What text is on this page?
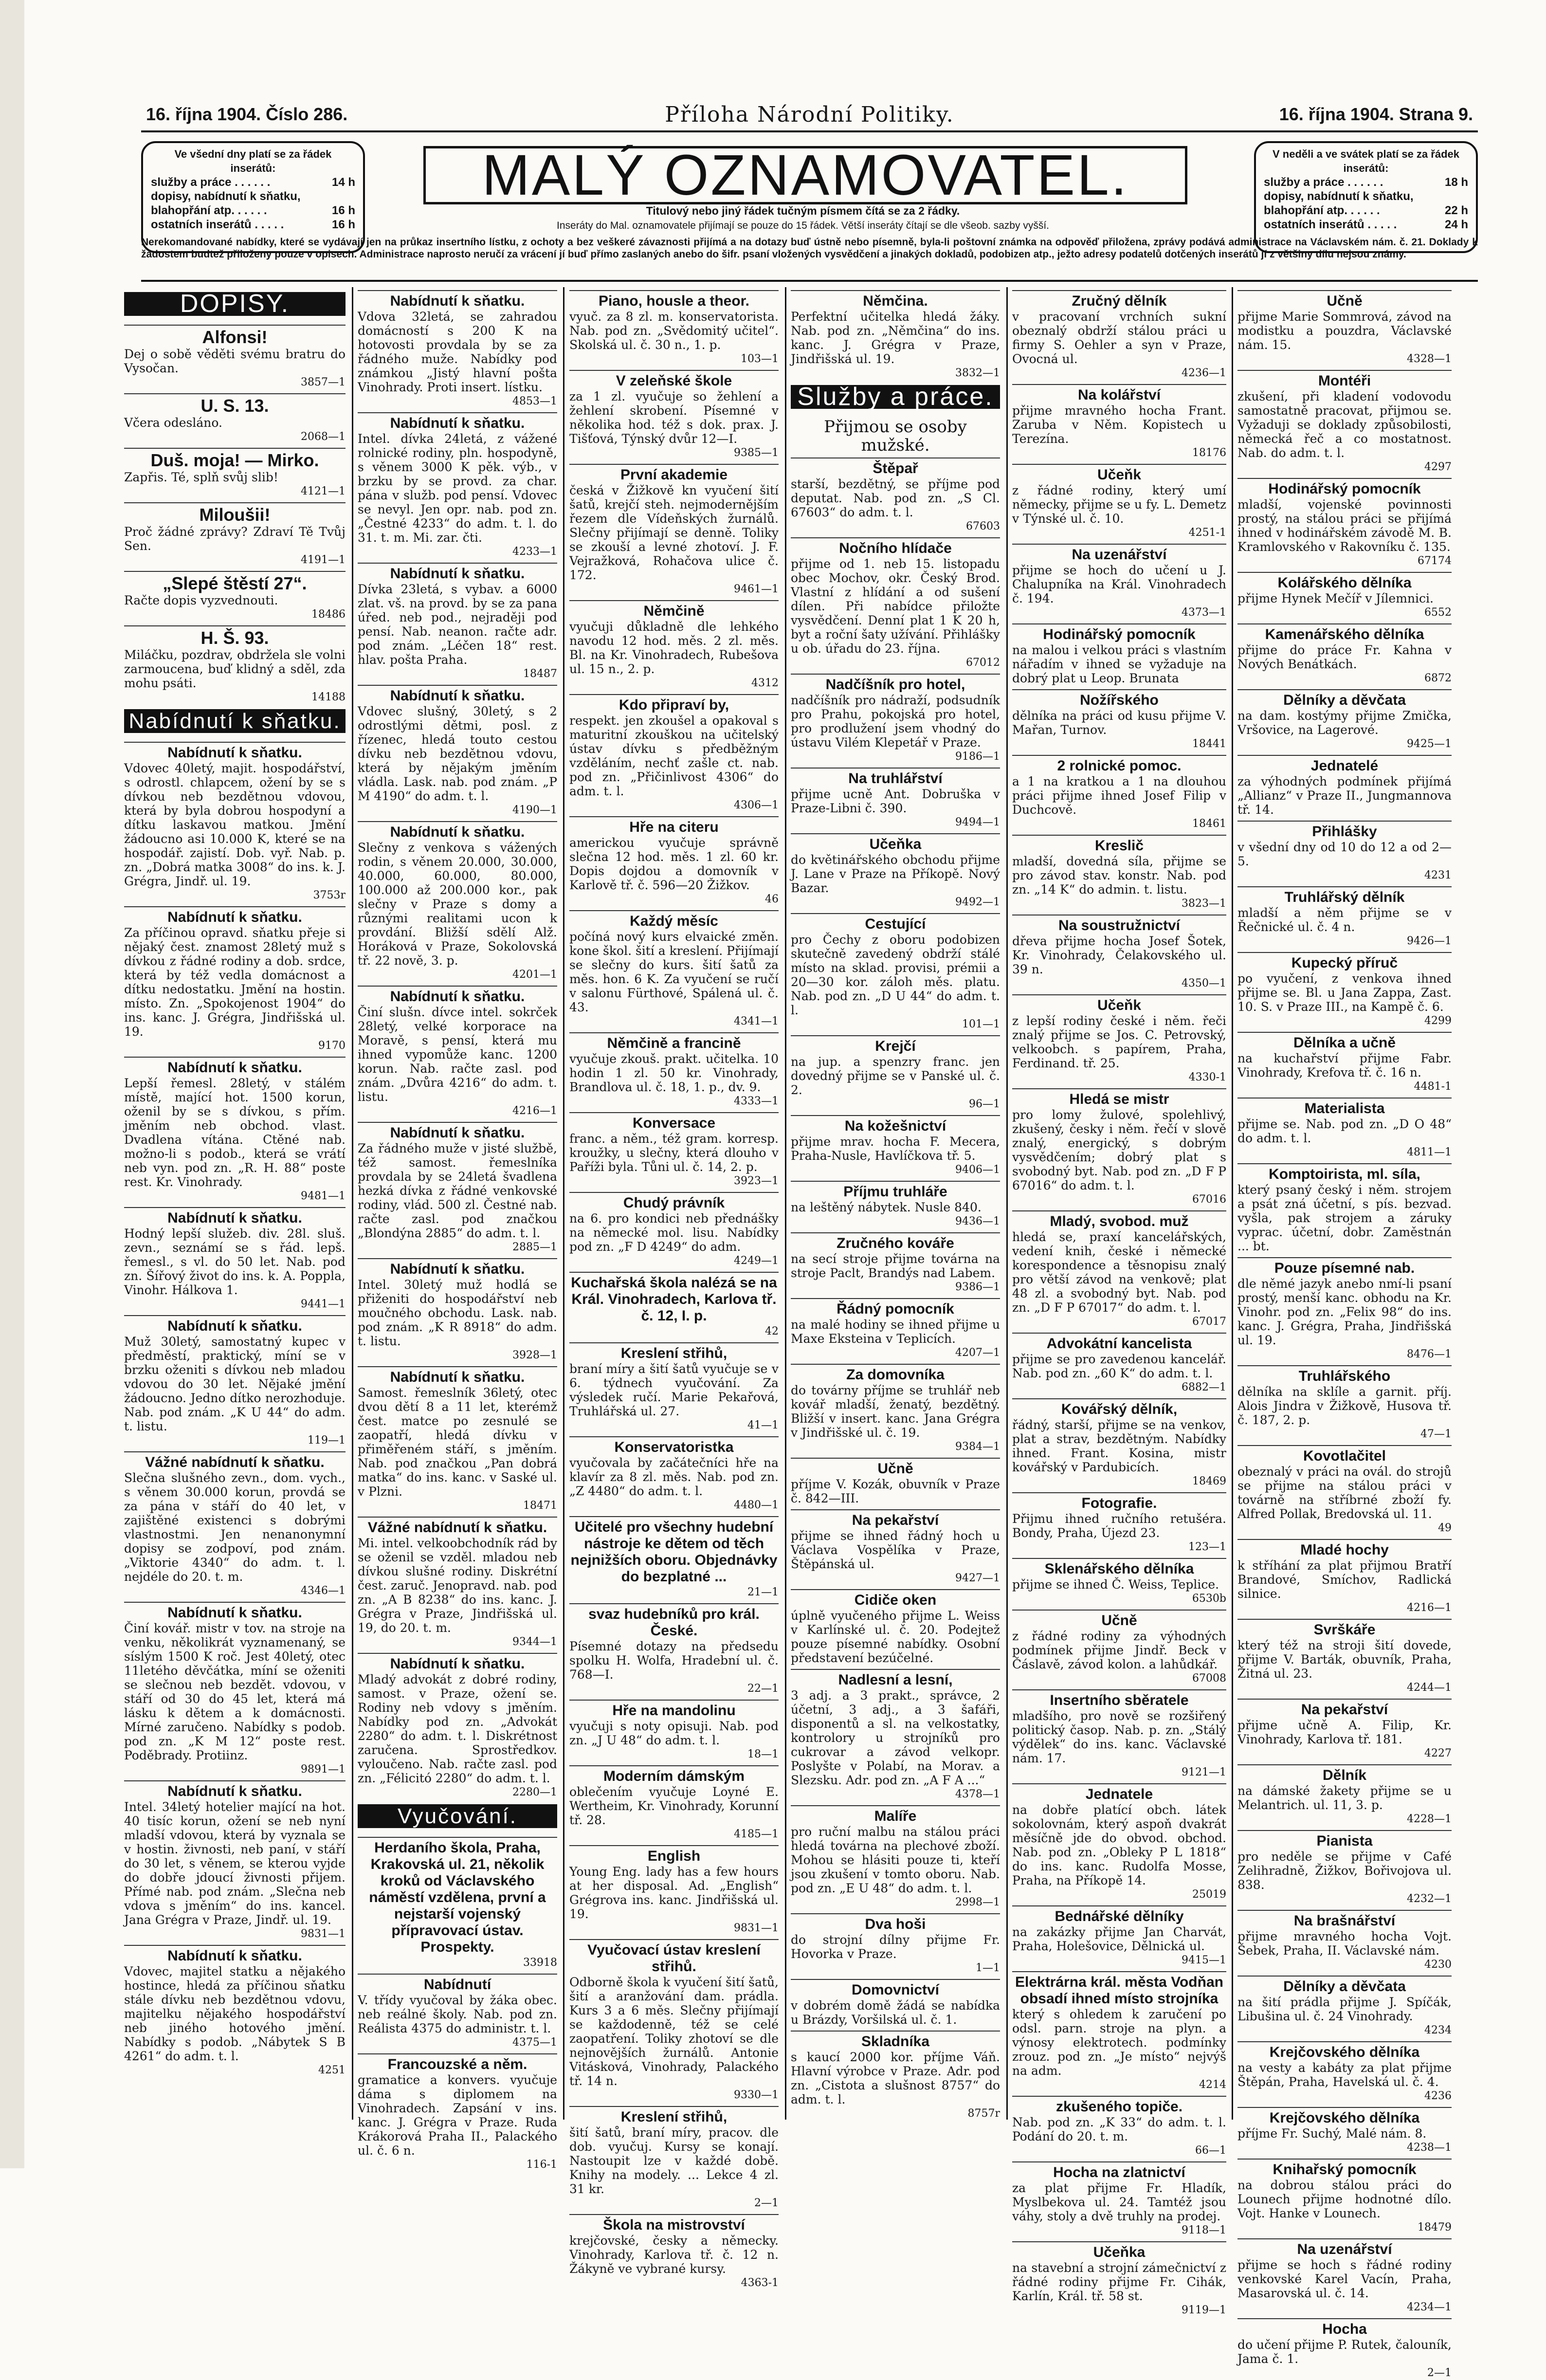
16. října 1904. Číslo 286.	Příloha Národní Politiky.	16. října 1904. Strana 9.
Ve všední dny platí se za řádek inserátů:
služby a práce . . . . . .	14 h
dopisy, nabídnutí k sňatku,
blahopřání atp. . . . . .	16 h
ostatních inserátů . . . . .	16 h
MALÝ OZNAMOVATEL.
Titulový nebo jiný řádek tučným písmem čítá se za 2 řádky.
Inseráty do Mal. oznamovatele přijímají se pouze do 15 řádek. Větší inseráty čítají se dle všeob. sazby vyšší.
V neděli a ve svátek platí se za řádek inserátů:
služby a práce . . . . . .	18 h
dopisy, nabídnutí k sňatku,
blahopřání atp. . . . . .	22 h
ostatních inserátů . . . . .	24 h
Nerekomandované nabídky, které se vydávají jen na průkaz insertního lístku, z ochoty a bez veškeré závaznosti přijímá a na dotazy buď ústně nebo písemně, byla-li poštovní známka na odpověď přiložena, zprávy podává administrace na Václavském nám. č. 21. Doklady k žádostem budtež přiloženy pouze v opisech. Administrace naprosto neručí za vrácení jí buď přímo zaslaných anebo do šifr. psaní vložených vysvědčení a jinakých dokladů, podobizen atp., ježto adresy podatelů dotčených inserátů jí z většiny dílu nejsou známy.
DOPISY.
Alfonsi!

Dej o sobě věděti svému bratru do Vysočan.

3857—1
U. S. 13.

Včera odesláno.

2068—1
Duš. moja! — Mirko.

Zapřis. Té, splň svůj slib!

4121—1
Miloušii!

Proč žádné zprávy? Zdraví Tě Tvůj Sen.

4191—1
„Slepé štěstí 27“.

Račte dopis vyzvednouti.

18486
H. Š. 93.

Miláčku, pozdrav, obdržela sle volni zarmoucena, buď klidný a sděl, zda mohu psáti.

14188
Nabídnutí k sňatku.
Nabídnutí k sňatku.

Vdovec 40letý, majit. hospodářství, s odrostl. chlapcem, ožení by se s dívkou neb bezdětnou vdovou, která by byla dobrou hospodyní a dítku laskavou matkou. Jmění žádoucno asi 10.000 K, které se na hospodář. zajistí. Dob. vyř. Nab. p. zn. „Dobrá matka 3008“ do ins. k. J. Grégra, Jindř. ul. 19.

3753r
Nabídnutí k sňatku.

Za příčinou opravd. sňatku přeje si nějaký čest. znamost 28letý muž s dívkou z řádné rodiny a dob. srdce, která by též vedla domácnost a dítku nedostatku. Jmění na hostin. místo. Zn. „Spokojenost 1904“ do ins. kanc. J. Grégra, Jindřišská ul. 19.

9170
Nabídnutí k sňatku.

Lepší řemesl. 28letý, v stálém místě, mající hot. 1500 korun, oženil by se s dívkou, s přím. jměním neb obchod. vlast. Dvadlena vítána. Ctěné nab. možno-li s podob., která se vrátí neb vyn. pod zn. „R. H. 88“ poste rest. Kr. Vinohrady.

9481—1
Nabídnutí k sňatku.

Hodný lepší služeb. div. 28l. sluš. zevn., seznámí se s řád. lepš. řemesl., s vl. do 50 let. Nab. pod zn. Šířový život do ins. k. A. Poppla, Vinohr. Hálkova 1.

9441—1
Nabídnutí k sňatku.

Muž 30letý, samostatný kupec v předměstí, praktický, míní se v brzku oženiti s dívkou neb mladou vdovou do 30 let. Nějaké jmění žádoucno. Jedno dítko nerozhoduje. Nab. pod znám. „K U 44“ do adm. t. listu.

119—1
Vážné nabídnutí k sňatku.

Slečna slušného zevn., dom. vych., s věnem 30.000 korun, provdá se za pána v stáří do 40 let, v zajištěné existenci s dobrými vlastnostmi. Jen nenanonymní dopisy se zodpoví, pod znám. „Viktorie 4340“ do adm. t. l. nejdéle do 20. t. m.

4346—1
Nabídnutí k sňatku.

Činí kovář. mistr v tov. na stroje na venku, několikrát vyznamenaný, se síslým 1500 K roč. Jest 40letý, otec 11letého děvčátka, míní se oženiti se slečnou neb bezdět. vdovou, v stáří od 30 do 45 let, která má lásku k dětem a k domácnosti. Mírné zaručeno. Nabídky s podob. pod zn. „K M 12“ poste rest. Poděbrady. Protiinz.

9891—1
Nabídnutí k sňatku.

Intel. 34letý hotelier mající na hot. 40 tisíc korun, ožení se neb nyní mladší vdovou, která by vyznala se v hostin. živnosti, neb paní, v stáří do 30 let, s věnem, se kterou vyjde do dobře jdoucí živnosti přijem. Přímé nab. pod znám. „Slečna neb vdova s jměním“ do ins. kancel. Jana Grégra v Praze, Jindř. ul. 19.

9831—1
Nabídnutí k sňatku.

Vdovec, majitel statku a nějakého hostince, hledá za příčinou sňatku stále dívku neb bezdětnou vdovu, majitelku nějakého hospodářství neb jiného hotového jmění. Nabídky s podob. „Nábytek S B 4261“ do adm. t. l.

4251
Nabídnutí k sňatku.

Vdova 32letá, se zahradou domácností s 200 K na hotovosti provdala by se za řádného muže. Nabídky pod známkou „Jistý hlavní pošta Vinohrady. Proti insert. lístku.

4853—1
Nabídnutí k sňatku.

Intel. dívka 24letá, z vážené rolnické rodiny, pln. hospodyně, s věnem 3000 K pěk. výb., v brzku by se provd. za char. pána v služb. pod pensí. Vdovec se nevyl. Jen opr. nab. pod zn. „Čestné 4233“ do adm. t. l. do 31. t. m. Mi. zar. čti.

4233—1
Nabídnutí k sňatku.

Dívka 23letá, s vybav. a 6000 zlat. vš. na provd. by se za pana úřed. neb pod., nejraději pod pensí. Nab. neanon. račte adr. pod znám. „Léčen 18“ rest. hlav. pošta Praha.

18487
Nabídnutí k sňatku.

Vdovec slušný, 30letý, s 2 odrostlými dětmi, posl. z řízenec, hledá touto cestou dívku neb bezdětnou vdovu, která by nějakým jměním vládla. Lask. nab. pod znám. „P M 4190“ do adm. t. l.

4190—1
Nabídnutí k sňatku.

Slečny z venkova s vážených rodin, s věnem 20.000, 30.000, 40.000, 60.000, 80.000, 100.000 až 200.000 kor., pak slečny v Praze s domy a různými realitami ucon k provdání. Bližší sdělí Alž. Horáková v Praze, Sokolovská tř. 22 nově, 3. p.

4201—1
Nabídnutí k sňatku.

Činí slušn. dívce intel. sokrček 28letý, velké korporace na Moravě, s pensí, která mu ihned vypomůže kanc. 1200 korun. Nab. račte zasl. pod znám. „Dvůra 4216“ do adm. t. listu.

4216—1
Nabídnutí k sňatku.

Za řádného muže v jisté službě, též samost. řemeslníka provdala by se 24letá švadlena hezká dívka z řádné venkovské rodiny, vlád. 500 zl. Čestné nab. račte zasl. pod značkou „Blondýna 2885“ do adm. t. l.

2885—1
Nabídnutí k sňatku.

Intel. 30letý muž hodlá se přiženiti do hospodářství neb moučného obchodu. Lask. nab. pod znám. „K R 8918“ do adm. t. listu.

3928—1
Nabídnutí k sňatku.

Samost. řemeslník 36letý, otec dvou dětí 8 a 11 let, kterémž čest. matce po zesnulé se zaopatří, hledá dívku v přiměřeném stáří, s jměním. Nab. pod značkou „Pan dobrá matka“ do ins. kanc. v Saské ul. v Plzni.

18471
Vážné nabídnutí k sňatku.

Mi. intel. velkoobchodník rád by se oženil se vzděl. mladou neb dívkou slušné rodiny. Diskrétní čest. zaruč. Jenopravd. nab. pod zn. „A B 8238“ do ins. kanc. J. Grégra v Praze, Jindřišská ul. 19, do 20. t. m.

9344—1
Nabídnutí k sňatku.

Mladý advokát z dobré rodiny, samost. v Praze, ožení se. Rodiny neb vdovy s jměním. Nabídky pod zn. „Advokát 2280“ do adm. t. l. Diskrétnost zaručena. Sprostředkov. vyloučeno. Nab. račte zasl. pod zn. „Félicitó 2280“ do adm. t. l.

2280—1
Vyučování.
Herdaního škola, Praha, Krakovská ul. 21, několik kroků od Václavského náměstí vzdělena, první a nejstarší vojenský přípravovací ústav. Prospekty.
33918
Nabídnutí

V. třídy vyučoval by žáka obec. neb reálné školy. Nab. pod zn. Reálista 4375 do administr. t. l.

4375—1
Francouzské a něm.

gramatice a konvers. vyučuje dáma s diplomem na Vinohradech. Zapsání v ins. kanc. J. Grégra v Praze. Ruda Krákorová Praha II., Palackého ul. č. 6 n.

116-1
Piano, housle a theor.

vyuč. za 8 zl. m. konservatorista. Nab. pod zn. „Svědomitý učitel“. Skolská ul. č. 30 n., 1. p.

103—1
V zeleňské škole

za 1 zl. vyučuje so žehlení a žehlení skrobení. Písemné v několika hod. též s dok. prax. J. Tišťová, Týnský dvůr 12—I.

9385—1
První akademie

česká v Žižkově kn vyučení šití šatů, krejčí steh. nejmodernějším řezem dle Vídeňských žurnálů. Slečny přijímají se denně. Toliky se zkouší a levné zhotoví. J. F. Vejražková, Rohačova ulice č. 172.

9461—1
Němčině

vyučuji důkladně dle lehkého navodu 12 hod. měs. 2 zl. měs. Bl. na Kr. Vinohradech, Rubešova ul. 15 n., 2. p.

4312
Kdo připraví by,

respekt. jen zkoušel a opakoval s maturitní zkouškou na učitelský ústav dívku s předběžným vzděláním, nechť zašle ct. nab. pod zn. „Přičinlivost 4306“ do adm. t. l.

4306—1
Hře na citeru

americkou vyučuje správně slečna 12 hod. měs. 1 zl. 60 kr. Dopis dojdou a domovník v Karlově tř. č. 596—20 Žižkov.

46
Každý měsíc

počíná nový kurs elvaické změn. kone škol. šití a kreslení. Přijímají se slečny do kurs. šití šatů za měs. hon. 6 K. Za vyučení se ručí v salonu Fürthové, Spálená ul. č. 43.

4341—1
Němčině a francině

vyučuje zkouš. prakt. učitelka. 10 hodin 1 zl. 50 kr. Vinohrady, Brandlova ul. č. 18, 1. p., dv. 9.

4333—1
Konversace

franc. a něm., též gram. korresp. kroužky, u slečny, která dlouho v Paříži byla. Tůni ul. č. 14, 2. p.

3923—1
Chudý právník

na 6. pro kondici neb přednášky na německé mol. lisu. Nabídky pod zn. „F D 4249“ do adm.

4249—1
Kuchařská škola nalézá se na Král. Vinohradech, Karlova tř. č. 12, I. p.
42
Kreslení střihů,

braní míry a šití šatů vyučuje se v 6. týdnech vyučování. Za výsledek ručí. Marie Pekařová, Truhlářská ul. 27.

41—1
Konservatoristka

vyučovala by začátečníci hře na klavír za 8 zl. měs. Nab. pod zn. „Z 4480“ do adm. t. l.

4480—1
Učitelé pro všechny hudební nástroje ke dětem od těch nejnižších oboru. Objednávky do bezplatné ...
21—1
svaz hudebníků pro král. České.

Písemné dotazy na předsedu spolku H. Wolfa, Hradební ul. č. 768—I.

22—1
Hře na mandolinu

vyučuji s noty opisuji. Nab. pod zn. „J U 48“ do adm. t. l.

18—1
Moderním dámským

oblečením vyučuje Loyné E. Wertheim, Kr. Vinohrady, Korunní tř. 28.

4185—1
English

Young Eng. lady has a few hours at her disposal. Ad. „English“ Grégrova ins. kanc. Jindřišská ul. 19.

9831—1
Vyučovací ústav kreslení střihů.

Odborně škola k vyučení šití šatů, šití a aranžování dam. prádla. Kurs 3 a 6 měs. Slečny přijímají se každodenně, též se celé zaopatření. Toliky zhotoví se dle nejnovějších žurnálů. Antonie Vitásková, Vinohrady, Palackého tř. 14 n.

9330—1
Kreslení střihů,

šití šatů, braní míry, pracov. dle dob. vyučuj. Kursy se konají. Nastoupit lze v každé době. Knihy na modely. ... Lekce 4 zl. 31 kr.

2—1
Škola na mistrovství

krejčovské, česky a německy. Vinohrady, Karlova tř. č. 12 n. Žákyně ve vybrané kursy.

4363-1
Němčina.

Perfektní učitelka hledá žáky. Nab. pod zn. „Němčina“ do ins. kanc. J. Grégra v Praze, Jindřišská ul. 19.

3832—1
Služby a práce.
Přijmou se osoby mužské.
Štěpař

starší, bezdětný, se příjme pod deputat. Nab. pod zn. „S Cl. 67603“ do adm. t. l.

67603
Nočního hlídače

přijme od 1. neb 15. listopadu obec Mochov, okr. Český Brod. Vlastní z hlídání a od sušení dílen. Při nabídce přiložte vysvědčení. Denní plat 1 K 20 h, byt a roční šaty užívání. Přihlášky u ob. úřadu do 23. října.

67012
Nadčíšník pro hotel,

nadčíšník pro nádraží, podsudník pro Prahu, pokojská pro hotel, pro prodlužení jsem vhodný do ústavu Vilém Klepetář v Praze.

9186—1
Na truhlářství

přijme ucně Ant. Dobruška v Praze-Libni č. 390.

9494—1
Učeňka

do květinářského obchodu přijme J. Lane v Praze na Příkopě. Nový Bazar.

9492—1
Cestující

pro Čechy z oboru podobizen skutečně zavedený obdrží stálé místo na sklad. provisi, prémii a 20—30 kor. záloh měs. platu. Nab. pod zn. „D U 44“ do adm. t. l.

101—1
Krejčí

na jup. a spenzry franc. jen dovedný přijme se v Panské ul. č. 2.

96—1
Na kožešnictví

přijme mrav. hocha F. Mecera, Praha-Nusle, Havlíčkova tř. 5.

9406—1
Příjmu truhláře

na leštěný nábytek. Nusle 840.

9436—1
Zručného kováře

na secí stroje přijme továrna na stroje Paclt, Brandýs nad Labem.

9386—1
Řádný pomocník

na malé hodiny se ihned přijme u Maxe Eksteina v Teplicích.

4207—1
Za domovníka

do továrny příjme se truhlář neb kovář mladší, ženatý, bezdětný. Bližší v insert. kanc. Jana Grégra v Jindřišské ul. č. 19.

9384—1
Učně

příjme V. Kozák, obuvník v Praze č. 842—III.

Na pekařství

přijme se ihned řádný hoch u Václava Vospělíka v Praze, Štěpánská ul.

9427—1
Cidiče oken

úplně vyučeného přijme L. Weiss v Karlínské ul. č. 20. Podejtež pouze písemné nabídky. Osobní představení bezúčelné.

Nadlesní a lesní,

3 adj. a 3 prakt., správce, 2 účetní, 3 adj., a 3 šafáři, disponentů a sl. na velkostatky, kontrolory u strojníků pro cukrovar a závod velkopr. Poslyšte v Polabí, na Morav. a Slezsku. Adr. pod zn. „A F A ...“

4378—1
Malíře

pro ruční malbu na stálou práci hledá továrna na plechové zboží. Mohou se hlásiti pouze ti, kteří jsou zkušení v tomto oboru. Nab. pod zn. „E U 48“ do adm. t. l.

2998—1
Dva hoši

do strojní dílny přijme Fr. Hovorka v Praze.

1—1
Domovnictví

v dobrém domě žádá se nabídka u Brázdy, Voršilská ul. č. 1.

Skladníka

s kaucí 2000 kor. příjme Váň. Hlavní výrobce v Praze. Adr. pod zn. „Cistota a slušnost 8757“ do adm. t. l.

8757r
Zručný dělník

v pracovaní vrchních sukní obeznalý obdrží stálou práci u firmy S. Oehler a syn v Praze, Ovocná ul.

4236—1
Na kolářství

přijme mravného hocha Frant. Zaruba v Něm. Kopistech u Terezína.

18176
Učeňk

z řádné rodiny, který umí německy, přijme se u fy. L. Demetz v Týnské ul. č. 10.

4251-1
Na uzenářství

přijme se hoch do učení u J. Chalupníka na Král. Vinohradech č. 194.

4373—1
Hodinářský pomocník

na malou i velkou práci s vlastním nářadím v ihned se vyžaduje na dobrý plat u Leop. Brunata

Nožířského

dělníka na práci od kusu přijme V. Mařan, Turnov.

18441
2 rolnické pomoc.

a 1 na kratkou a 1 na dlouhou práci přijme ihned Josef Filip v Duchcově.

18461
Kreslič

mladší, dovedná síla, přijme se pro závod stav. konstr. Nab. pod zn. „14 K“ do admin. t. listu.

3823—1
Na soustružnictví

dřeva přijme hocha Josef Šotek, Kr. Vinohrady, Čelakovského ul. 39 n.

4350—1
Učeňk

z lepší rodiny české i něm. řeči znalý přijme se Jos. C. Petrovský, velkoobch. s papírem, Praha, Ferdinand. tř. 25.

4330-1
Hledá se mistr

pro lomy žulové, spolehlivý, zkušený, česky i něm. řečí v slově znalý, energický, s dobrým vysvědčením; dobrý plat s svobodný byt. Nab. pod zn. „D F P 67016“ do adm. t. l.

67016
Mladý, svobod. muž

hledá se, praxí kancelářských, vedení knih, české i německé korespondence a těsnopisu znalý pro větší závod na venkově; plat 48 zl. a svobodný byt. Nab. pod zn. „D F P 67017“ do adm. t. l.

67017
Advokátní kancelista

přijme se pro zavedenou kancelář. Nab. pod zn. „60 K“ do adm. t. l.

6882—1
Kovářský dělník,

řádný, starší, přijme se na venkov, plat a strav, bezdětným. Nabídky ihned. Frant. Kosina, mistr kovářský v Pardubicích.

18469
Fotografie.

Přijmu ihned ručního retušéra. Bondy, Praha, Újezd 23.

123—1
Sklenářského dělníka

přijme se ihned Č. Weiss, Teplice.

6530b
Učně

z řádné rodiny za výhodných podmínek přijme Jindř. Beck v Čáslavě, závod kolon. a lahůdkář.

67008
Insertního sběratele

mladšího, pro nově se rozšiřený politický časop. Nab. p. zn. „Stálý výdělek“ do ins. kanc. Václavské nám. 17.

9121—1
Jednatele

na dobře platící obch. látek sokolovnám, který aspoň dvakrát měsíčně jde do obvod. obchod. Nab. pod zn. „Obleky P L 1818“ do ins. kanc. Rudolfa Mosse, Praha, na Příkopě 14.

25019
Bednářské dělníky

na zakázky přijme Jan Charvát, Praha, Holešovice, Dělnická ul.

9415—1
Elektrárna král. města Vodňan obsadí ihned místo strojníka

který s ohledem k zaručení po odsl. parn. stroje na plyn. a výnosy elektrotech. podmínky zrouz. pod zn. „Je místo“ nejvýš na adm.

4214
zkušeného topiče.

Nab. pod zn. „K 33“ do adm. t. l. Podání do 20. t. m.

66—1
Hocha na zlatnictví

za plat přijme Fr. Hladík, Myslbekova ul. 24. Tamtéž jsou váhy, stoly a dvě truhly na prodej.

9118—1
Učeňka

na stavební a strojní zámečnictví z řádné rodiny přijme Fr. Cihák, Karlín, Král. tř. 58 st.

9119—1
Učně

přijme Marie Sommrová, závod na modistku a pouzdra, Václavské nám. 15.

4328—1
Montéři

zkušení, při kladení vodovodu samostatně pracovat, přijmou se. Vyžaduji se doklady způsobilosti, německá řeč a co mostatnost. Nab. do adm. t. l.

4297
Hodinářský pomocník

mladší, vojenské povinnosti prostý, na stálou práci se přijímá ihned v hodinářském závodě M. B. Kramlovského v Rakovníku č. 135.

67174
Kolářského dělníka

přijme Hynek Mečíř v Jílemnici.

6552
Kamenářského dělníka

přijme do práce Fr. Kahna v Nových Benátkách.

6872
Dělníky a děvčata

na dam. kostýmy přijme Zmička, Vršovice, na Lagerové.

9425—1
Jednatelé

za výhodných podmínek přijímá „Allianz“ v Praze II., Jungmannova tř. 14.

Přihlášky

v všední dny od 10 do 12 a od 2—5.

4231
Truhlářský dělník

mladší a něm přijme se v Řečnické ul. č. 4 n.

9426—1
Kupecký příruč

po vyučení, z venkova ihned přijme se. Bl. u Jana Zappa, Zast. 10. S. v Praze III., na Kampě č. 6.

4299
Dělníka a učně

na kuchařství přijme Fabr. Vinohrady, Krefova tř. č. 16 n.

4481-1
Materialista

přijme se. Nab. pod zn. „D O 48“ do adm. t. l.

4811—1
Komptoirista, ml. síla,

který psaný český i něm. strojem a psát zná účetní, s pís. bezvad. vyšla, pak strojem a záruky vyprac. účetní, dobr. Zaměstnán ... bt.

Pouze písemné nab.

dle němé jazyk anebo nmí-li psaní prostý, menší kanc. obhodu na Kr. Vinohr. pod zn. „Felix 98“ do ins. kanc. J. Grégra, Praha, Jindřišská ul. 19.

8476—1
Truhlářského

dělníka na sklíle a garnit. příj. Alois Jindra v Žižkově, Husova tř. č. 187, 2. p.

47—1
Kovotlačitel

obeznalý v práci na ovál. do strojů se přijme na stálou práci v továrně na stříbrné zboží fy. Alfred Pollak, Bredovská ul. 11.

49
Mladé hochy

k stříhání za plat přijmou Bratří Brandové, Smíchov, Radlická silnice.

4216—1
Svrškáře

který též na stroji šití dovede, přijme V. Barták, obuvník, Praha, Žitná ul. 23.

4244—1
Na pekařství

přijme učně A. Filip, Kr. Vinohrady, Karlova tř. 181.

4227
Dělník

na dámské žakety přijme se u Melantrich. ul. 11, 3. p.

4228—1
Pianista

pro neděle se přijme v Café Zelihradně, Žižkov, Bořivojova ul. 838.

4232—1
Na brašnářství

přijme mravného hocha Vojt. Šebek, Praha, II. Václavské nám.

4230
Dělníky a děvčata

na šití prádla přijme J. Spíčák, Libušina ul. č. 24 Vinohrady.

4234
Krejčovského dělníka

na vesty a kabáty za plat přijme Štěpán, Praha, Havelská ul. č. 4.

4236
Krejčovského dělníka

příjme Fr. Suchý, Malé nám. 8.

4238—1
Knihařský pomocník

na dobrou stálou práci do Lounech přijme hodnotné dílo. Vojt. Hanke v Lounech.

18479
Na uzenářství

přijme se hoch s řádné rodiny venkovské Karel Vacín, Praha, Masarovská ul. č. 14.

4234—1
Hocha

do učení přijme P. Rutek, čalouník, Jama č. 1.

2—1
